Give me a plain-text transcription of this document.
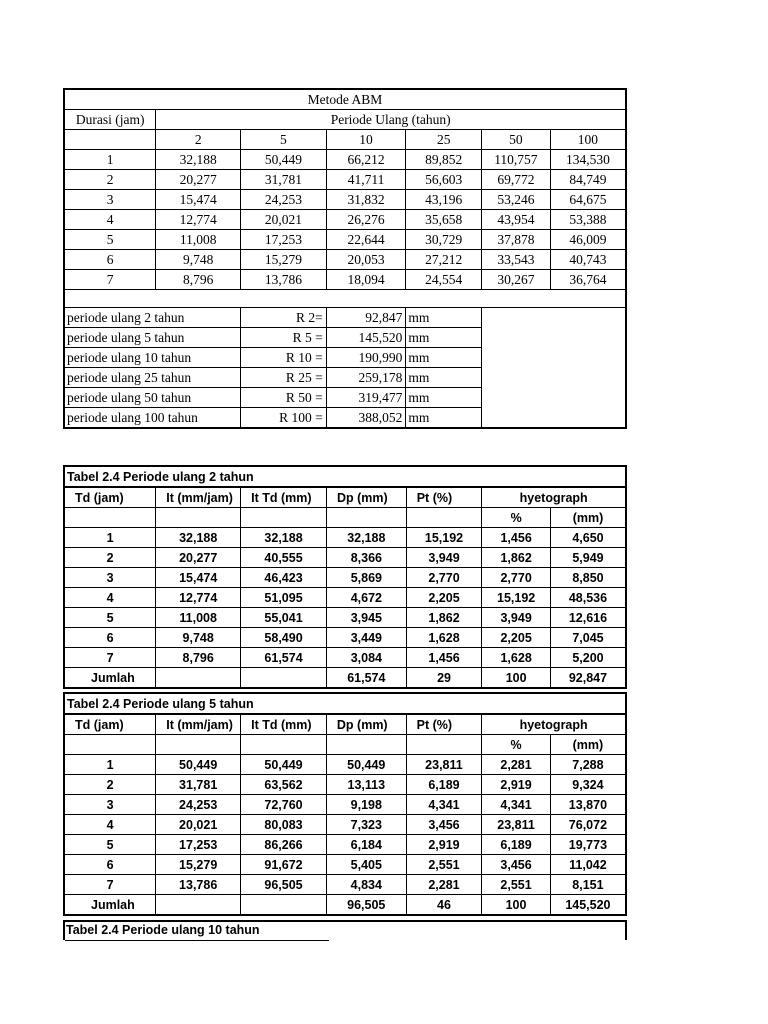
Metode ABM						
Durasi (jam)	Periode Ulang (tahun)					
	2	5	10	25	50	100
1	32,188	50,449	66,212	89,852	110,757	134,530
2	20,277	31,781	41,711	56,603	69,772	84,749
3	15,474	24,253	31,832	43,196	53,246	64,675
4	12,774	20,021	26,276	35,658	43,954	53,388
5	11,008	17,253	22,644	30,729	37,878	46,009
6	9,748	15,279	20,053	27,212	33,543	40,743
7	8,796	13,786	18,094	24,554	30,267	36,764

periode ulang 2 tahun		R 2=	92,847	mm		
periode ulang 5 tahun		R 5 =	145,520	mm		
periode ulang 10 tahun		R 10 =	190,990	mm		
periode ulang 25 tahun		R 25 =	259,178	mm		
periode ulang 50 tahun		R 50 =	319,477	mm		
periode ulang 100 tahun		R 100 =	388,052	mm		
Tabel 2.4 Periode ulang 2 tahun						
Td (jam)	It (mm/jam)	It Td (mm)	Dp (mm)	Pt (%)	hyetograph	
					%	(mm)
1	32,188	32,188	32,188	15,192	1,456	4,650
2	20,277	40,555	8,366	3,949	1,862	5,949
3	15,474	46,423	5,869	2,770	2,770	8,850
4	12,774	51,095	4,672	2,205	15,192	48,536
5	11,008	55,041	3,945	1,862	3,949	12,616
6	9,748	58,490	3,449	1,628	2,205	7,045
7	8,796	61,574	3,084	1,456	1,628	5,200
Jumlah			61,574	29	100	92,847
Tabel 2.4 Periode ulang 5 tahun						
Td (jam)	It (mm/jam)	It Td (mm)	Dp (mm)	Pt (%)	hyetograph	
					%	(mm)
1	50,449	50,449	50,449	23,811	2,281	7,288
2	31,781	63,562	13,113	6,189	2,919	9,324
3	24,253	72,760	9,198	4,341	4,341	13,870
4	20,021	80,083	7,323	3,456	23,811	76,072
5	17,253	86,266	6,184	2,919	6,189	19,773
6	15,279	91,672	5,405	2,551	3,456	11,042
7	13,786	96,505	4,834	2,281	2,551	8,151
Jumlah			96,505	46	100	145,520
Tabel 2.4 Periode ulang 10 tahun
